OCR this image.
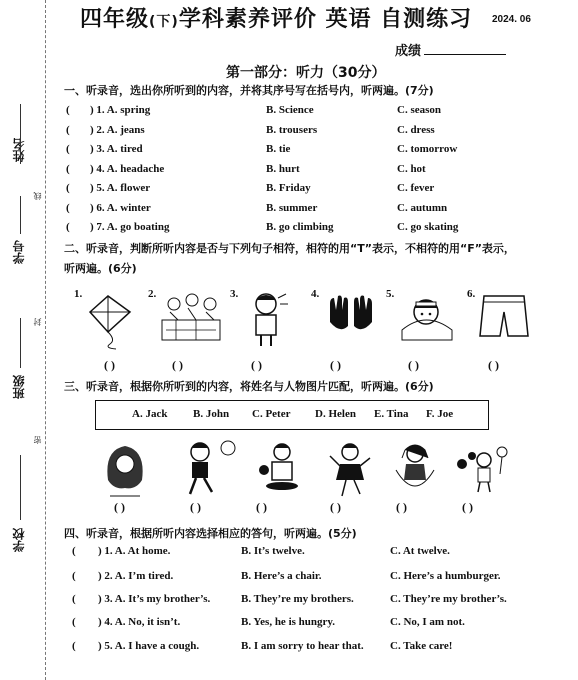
姓名
线
学号
封
班级
密
学校
四年级(下)学科素养评价 英语 自测练习 2024. 06
成绩
第一部分：听力（30分）
一、听录音，选出你所听到的内容，并将其序号写在括号内，听两遍。(7分)
( ) 1. A. spring	B. Science	C. season
( ) 2. A. jeans	B. trousers	C. dress
( ) 3. A. tired	B. tie	C. tomorrow
( ) 4. A. headache	B. hurt	C. hot
( ) 5. A. flower	B. Friday	C. fever
( ) 6. A. winter	B. summer	C. autumn
( ) 7. A. go boating	B. go climbing	C. go skating
二、听录音，判断所听内容是否与下列句子相符，相符的用“T”表示，不相符的用“F”表示，
听两遍。(6分)
1.	2.	3.	4.	5.	6.
( )	( )	( )	( )	( )	( )
三、听录音，根据你所听到的内容，将姓名与人物图片匹配，听两遍。(6分)
A. Jack B. John C. Peter D. Helen E. Tina F. Joe
( )	( )	( )	( )	( )	( )
四、听录音，根据所听内容选择相应的答句，听两遍。(5分)
( ) 1. A. At home.	B. It’s twelve.	C. At twelve.
( ) 2. A. I’m tired.	B. Here’s a chair.	C. Here’s a humburger.
( ) 3. A. It’s my brother’s.	B. They’re my brothers.	C. They’re my brother’s.
( ) 4. A. No, it isn’t.	B. Yes, he is hungry.	C. No, I am not.
( ) 5. A. I have a cough.	B. I am sorry to hear that. C. Take care!
